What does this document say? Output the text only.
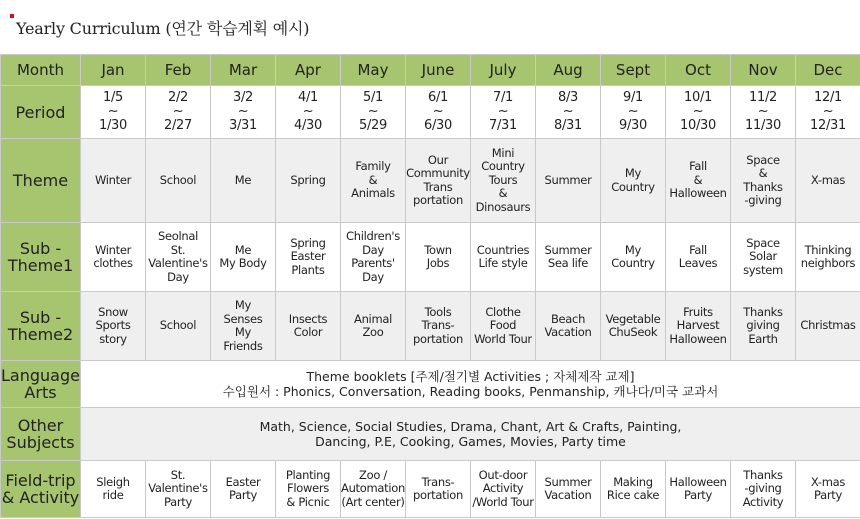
Yearly Curriculum (연간 학습계획 예시)
Month	Jan	Feb	Mar	Apr	May	June	July	Aug	Sept	Oct	Nov	Dec
Period	1/5
~
1/30	2/2
~
2/27	3/2
~
3/31	4/1
~
4/30	5/1
~
5/29	6/1
~
6/30	7/1
~
7/31	8/3
~
8/31	9/1
~
9/30	10/1
~
10/30	11/2
~
11/30	12/1
~
12/31
Theme	Winter	School	Me	Spring	Family
&
Animals	Our
Community
Trans
portation	Mini
Country
Tours
&
Dinosaurs	Summer	My
Country	Fall
&
Halloween	Space
&
Thanks
-giving	X-mas
Sub -
Theme1	Winter
clothes	Seolnal
St.
Valentine's
Day	Me
My Body	Spring
Easter
Plants	Children's
Day
Parents'
Day	Town
Jobs	Countries
Life style	Summer
Sea life	My
Country	Fall
Leaves	Space
Solar
system	Thinking
neighbors
Sub -
Theme2	Snow
Sports
story	School	My
Senses
My
Friends	Insects
Color	Animal
Zoo	Tools
Trans-
portation	Clothe
Food
World Tour	Beach
Vacation	Vegetable
ChuSeok	Fruits
Harvest
Halloween	Thanks
giving
Earth	Christmas
Language
Arts	Theme booklets [주제/절기별 Activities ; 자체제작 교제]
수입원서 : Phonics, Conversation, Reading books, Penmanship, 캐나다/미국 교과서											
Other
Subjects	Math, Science, Social Studies, Drama, Chant, Art & Crafts, Painting,
Dancing, P.E, Cooking, Games, Movies, Party time											
Field-trip
& Activity	Sleigh
ride	St.
Valentine's
Party	Easter
Party	Planting
Flowers
& Picnic	Zoo /
Automation
(Art center)	Trans-
portation	Out-door
Activity
/World Tour	Summer
Vacation	Making
Rice cake	Halloween
Party	Thanks
-giving
Activity	X-mas
Party
